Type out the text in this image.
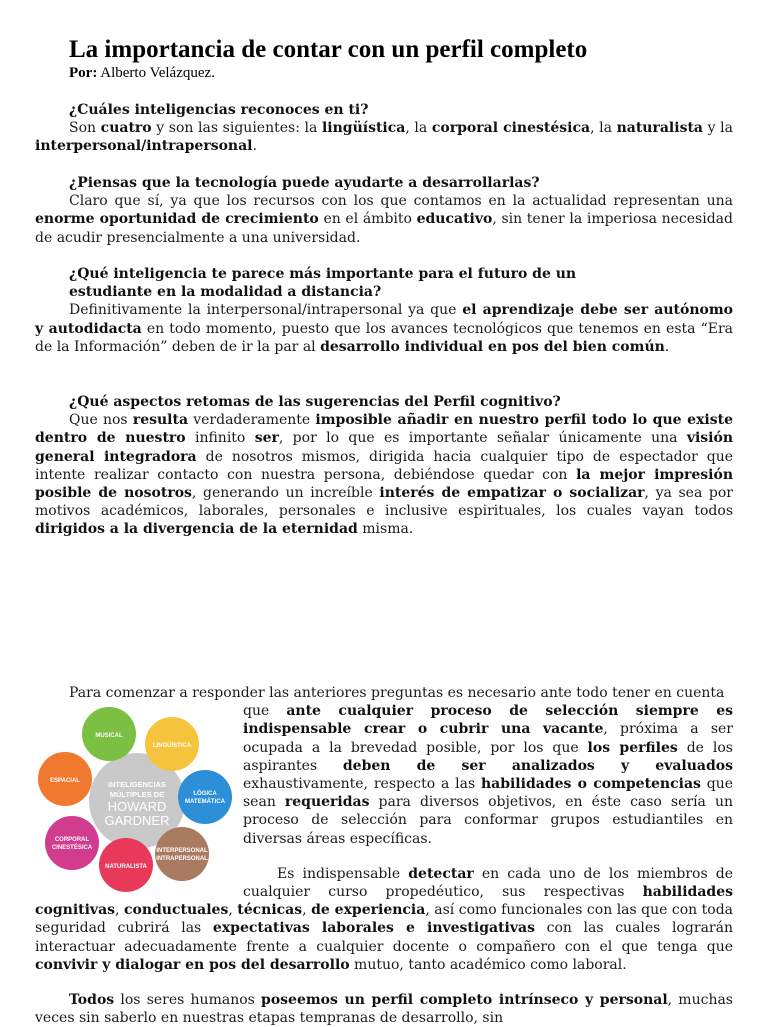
La importancia de contar con un perfil completo
Por: Alberto Velázquez.

¿Cuáles inteligencias reconoces en ti?

Son cuatro y son las siguientes: la lingüística, la corporal cinestésica, la naturalista y la interpersonal/intrapersonal.

¿Piensas que la tecnología puede ayudarte a desarrollarlas?

Claro que sí, ya que los recursos con los que contamos en la actualidad representan una enorme oportunidad de crecimiento en el ámbito educativo, sin tener la imperiosa necesidad de acudir presencialmente a una universidad.

¿Qué inteligencia te parece más importante para el futuro de un estudiante en la modalidad a distancia?

Definitivamente la interpersonal/intrapersonal ya que el aprendizaje debe ser autónomo y autodidacta en todo momento, puesto que los avances tecnológicos que tenemos en esta “Era de la Información” deben de ir la par al desarrollo individual en pos del bien común.

¿Qué aspectos retomas de las sugerencias del Perfil cognitivo?

Que nos resulta verdaderamente imposible añadir en nuestro perfil todo lo que existe dentro de nuestro infinito ser, por lo que es importante señalar únicamente una visión general integradora de nosotros mismos, dirigida hacia cualquier tipo de espectador que intente realizar contacto con nuestra persona, debiéndose quedar con la mejor impresión posible de nosotros, generando un increíble interés de empatizar o socializar, ya sea por motivos académicos, laborales, personales e inclusive espirituales, los cuales vayan todos dirigidos a la divergencia de la eternidad misma.

Para comenzar a responder las anteriores preguntas es necesario ante todo tener en cuenta

MUSICAL
LINGÜÍSTICA
LÓGICA
MATEMÁTICA
INTERPERSONAL
INTRAPERSONAL
NATURALISTA
CORPORAL
CINESTÉSICA
ESPACIAL	INTELIGENCIAS
MÚLTIPLES DE
HOWARD
GARDNER

que ante cualquier proceso de selección siempre es indispensable crear o cubrir una vacante, próxima a ser ocupada a la brevedad posible, por los que los perfiles de los aspirantes deben de ser analizados y evaluados exhaustivamente, respecto a las habilidades o competencias que sean requeridas para diversos objetivos, en éste caso sería un proceso de selección para conformar grupos estudiantiles en diversas áreas específicas.

Es indispensable detectar en cada uno de los miembros de cualquier curso propedéutico, sus respectivas habilidades cognitivas, conductuales, técnicas, de experiencia, así como funcionales con las que con toda seguridad cubrirá las expectativas laborales e investigativas con las cuales lograrán interactuar adecuadamente frente a cualquier docente o compañero con el que tenga que convivir y dialogar en pos del desarrollo mutuo, tanto académico como laboral.

Todos los seres humanos poseemos un perfil completo intrínseco y personal, muchas veces sin saberlo en nuestras etapas tempranas de desarrollo, sin
